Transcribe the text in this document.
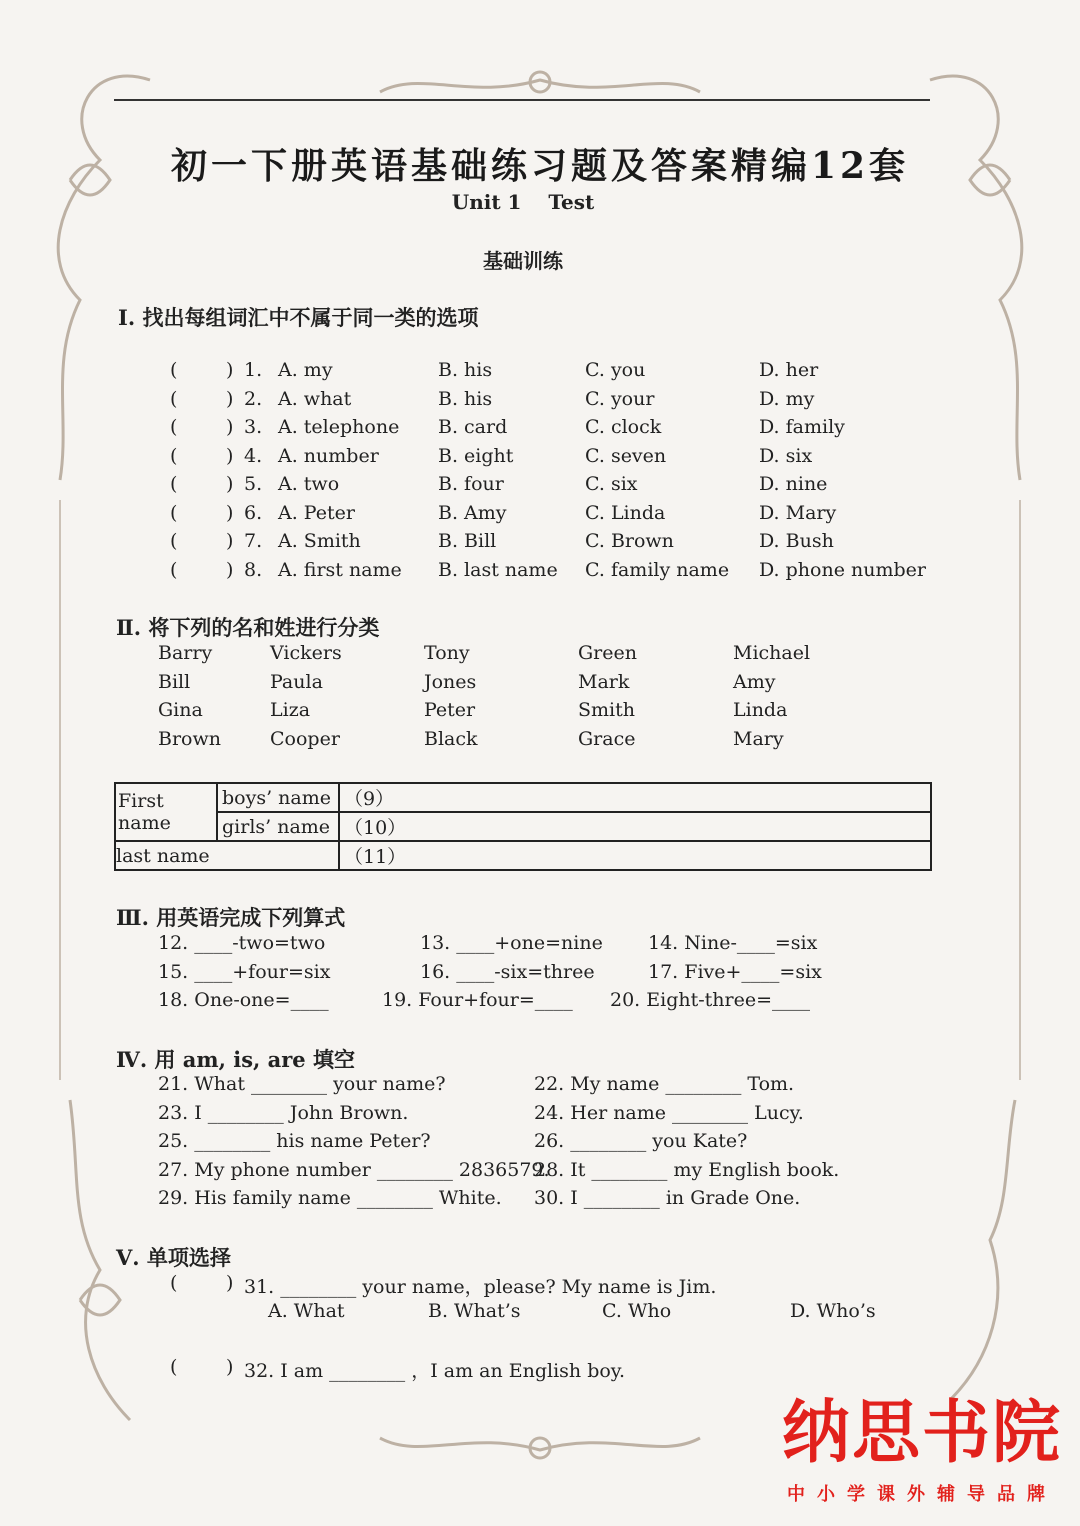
初一下册英语基础练习题及答案精编12套
Unit 1 Test
基础训练
Ⅰ. 找出每组词汇中不属于同一类的选项
(	) 1. A. my	B. his	C. you	D. her
(	) 2. A. what	B. his	C. your	D. my
(	) 3. A. telephone B. card	C. clock	D. family
(	) 4. A. number	B. eight	C. seven	D. six
(	) 5. A. two	B. four	C. six	D. nine
(	) 6. A. Peter	B. Amy	C. Linda	D. Mary
(	) 7. A. Smith	B. Bill	C. Brown	D. Bush
(	) 8. A. first name B. last name C. family name D. phone number
Ⅱ. 将下列的名和姓进行分类
Barry	Vickers	Tony	Green	Michael
Bill	Paula	Jones	Mark	Amy
Gina	Liza	Peter	Smith	Linda
Brown	Cooper	Black	Grace	Mary
First name	boys’ name	（9）
	girls’ name	（10）
last name		（11）
Ⅲ. 用英语完成下列算式
12. ____-two=two	13. ____+one=nine 14. Nine-____=six
15. ____+four=six	16. ____-six=three	17. Five+____=six
18. One-one=____	19. Four+four=____ 20. Eight-three=____
Ⅳ. 用 am, is, are 填空
21. What ________ your name?	22. My name ________ Tom.
23. I ________ John Brown.	24. Her name ________ Lucy.
25. ________ his name Peter?	26. ________ you Kate?
27. My phone number ________ 2836579.
28. It ________ my English book.
29. His family name ________ White. 30. I ________ in Grade One.
Ⅴ. 单项选择
(	) 31. ________ your name，please? My name is Jim.
A. What	B. What’s	C. Who	D. Who’s
(	) 32. I am ________ ，I am an English boy.
纳思书院
中小学课外辅导品牌
